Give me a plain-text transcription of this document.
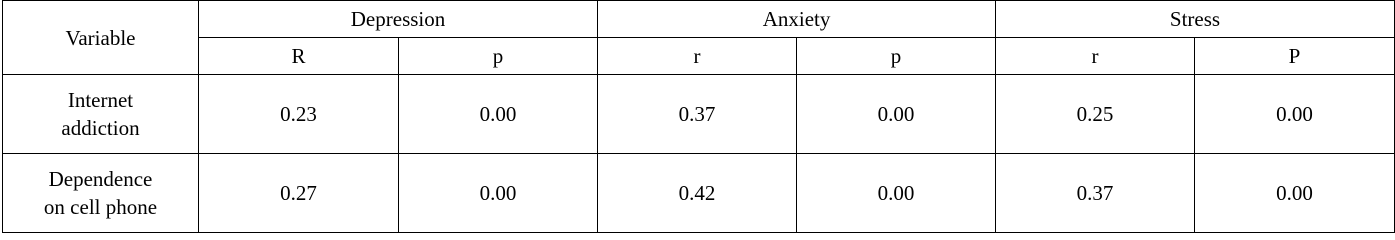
Variable	Depression		Anxiety		Stress	
	R	p	r	p	r	P
Internet
addiction	0.23	0.00	0.37	0.00	0.25	0.00
Dependence
on cell phone	0.27	0.00	0.42	0.00	0.37	0.00
